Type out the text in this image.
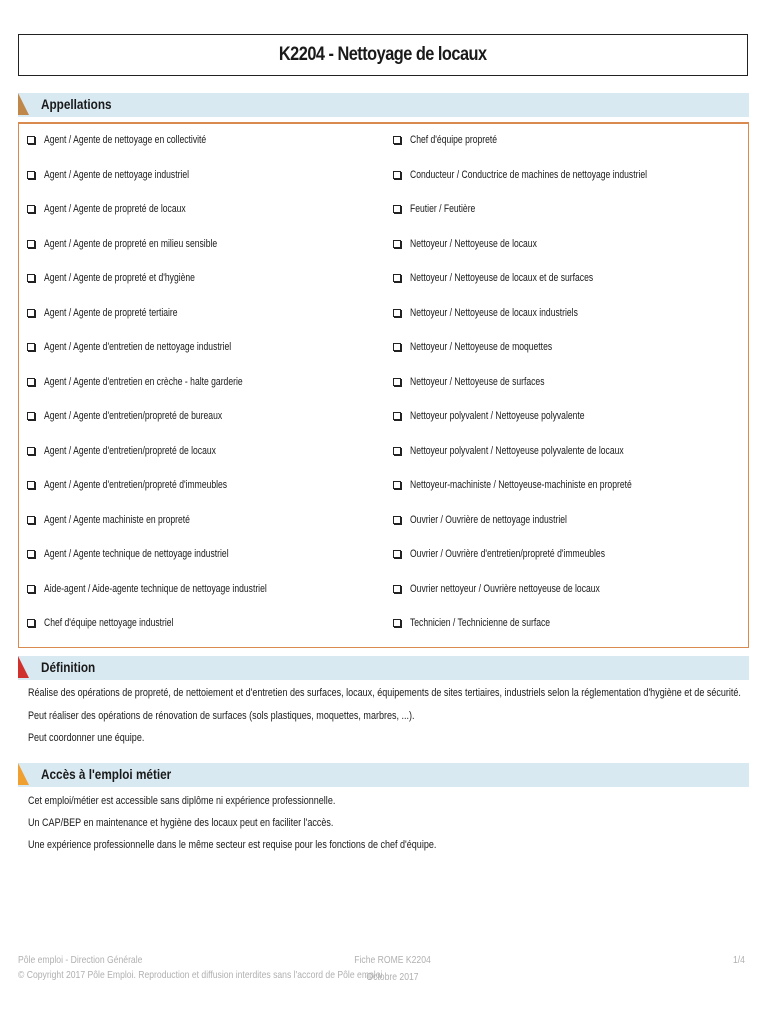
K2204 - Nettoyage de locaux
Appellations
Agent / Agente de nettoyage en collectivité
Agent / Agente de nettoyage industriel
Agent / Agente de propreté de locaux
Agent / Agente de propreté en milieu sensible
Agent / Agente de propreté et d'hygiène
Agent / Agente de propreté tertiaire
Agent / Agente d'entretien de nettoyage industriel
Agent / Agente d'entretien en crèche - halte garderie
Agent / Agente d'entretien/propreté de bureaux
Agent / Agente d'entretien/propreté de locaux
Agent / Agente d'entretien/propreté d'immeubles
Agent / Agente machiniste en propreté
Agent / Agente technique de nettoyage industriel
Aide-agent / Aide-agente technique de nettoyage industriel
Chef d'équipe nettoyage industriel
Chef d'équipe propreté
Conducteur / Conductrice de machines de nettoyage industriel
Feutier / Feutière
Nettoyeur / Nettoyeuse de locaux
Nettoyeur / Nettoyeuse de locaux et de surfaces
Nettoyeur / Nettoyeuse de locaux industriels
Nettoyeur / Nettoyeuse de moquettes
Nettoyeur / Nettoyeuse de surfaces
Nettoyeur polyvalent / Nettoyeuse polyvalente
Nettoyeur polyvalent / Nettoyeuse polyvalente de locaux
Nettoyeur-machiniste / Nettoyeuse-machiniste en propreté
Ouvrier / Ouvrière de nettoyage industriel
Ouvrier / Ouvrière d'entretien/propreté d'immeubles
Ouvrier nettoyeur / Ouvrière nettoyeuse de locaux
Technicien / Technicienne de surface
Définition
Réalise des opérations de propreté, de nettoiement et d'entretien des surfaces, locaux, équipements de sites tertiaires, industriels selon la réglementation d'hygiène et de sécurité.
Peut réaliser des opérations de rénovation de surfaces (sols plastiques, moquettes, marbres, ...).
Peut coordonner une équipe.
Accès à l'emploi métier
Cet emploi/métier est accessible sans diplôme ni expérience professionnelle.
Un CAP/BEP en maintenance et hygiène des locaux peut en faciliter l'accès.
Une expérience professionnelle dans le même secteur est requise pour les fonctions de chef d'équipe.
Pôle emploi - Direction Générale
© Copyright 2017 Pôle Emploi. Reproduction et diffusion interdites sans l'accord de Pôle emploi
Fiche ROME K2204
Octobre 2017
1/4
